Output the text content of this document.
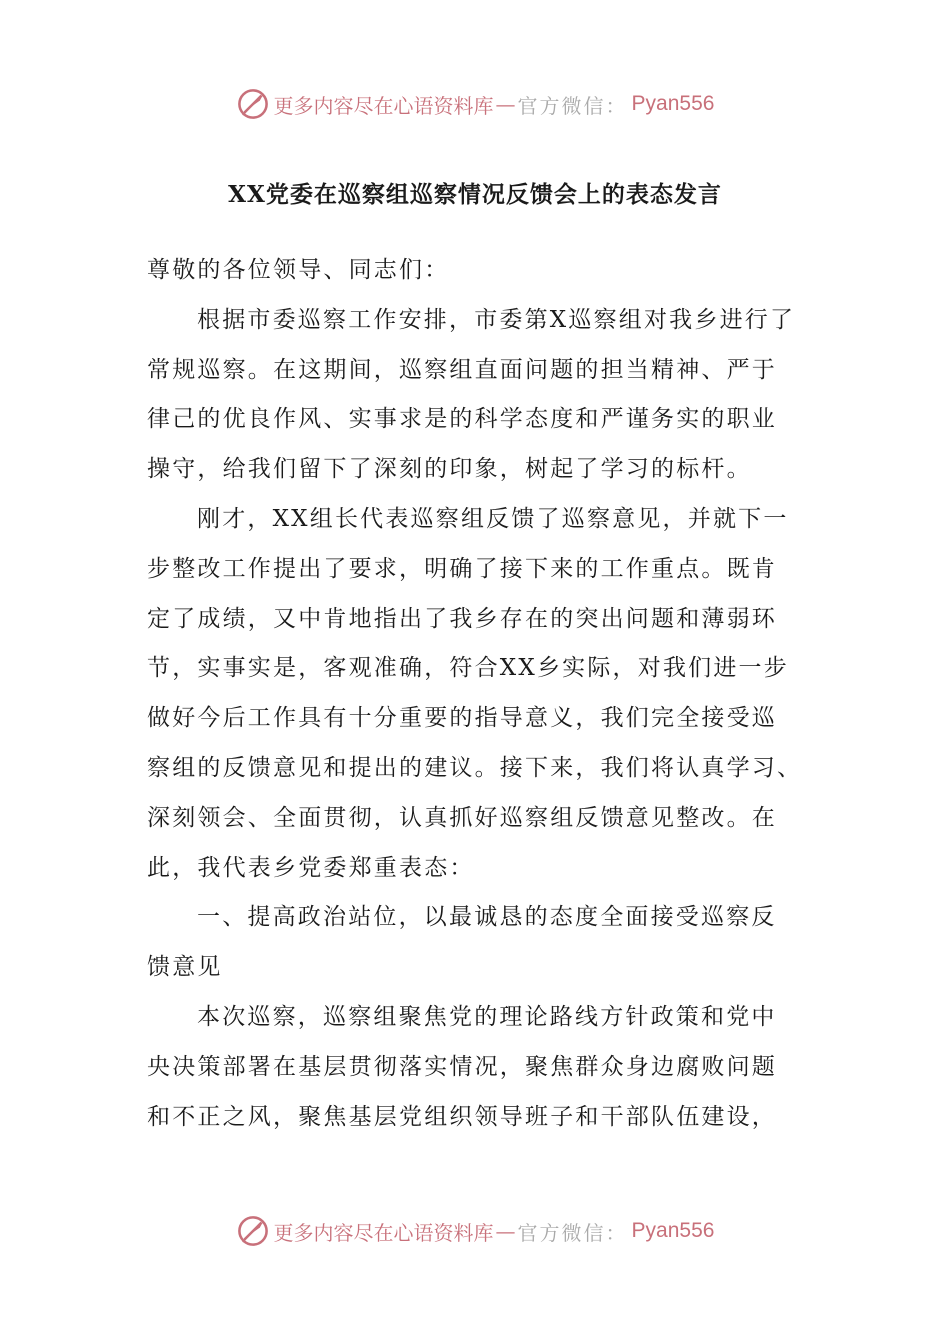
更多内容尽在心语资料库 — 官方微信： Pyan556
XX党委在巡察组巡察情况反馈会上的表态发言
尊敬的各位领导、同志们：
根据市委巡察工作安排，市委第X巡察组对我乡进行了
常规巡察。在这期间，巡察组直面问题的担当精神、严于
律己的优良作风、实事求是的科学态度和严谨务实的职业
操守，给我们留下了深刻的印象，树起了学习的标杆。
刚才，XX组长代表巡察组反馈了巡察意见，并就下一
步整改工作提出了要求，明确了接下来的工作重点。既肯
定了成绩，又中肯地指出了我乡存在的突出问题和薄弱环
节，实事实是，客观准确，符合XX乡实际，对我们进一步
做好今后工作具有十分重要的指导意义，我们完全接受巡
察组的反馈意见和提出的建议。接下来，我们将认真学习、
深刻领会、全面贯彻，认真抓好巡察组反馈意见整改。在
此，我代表乡党委郑重表态：
一、提高政治站位，以最诚恳的态度全面接受巡察反
馈意见
本次巡察，巡察组聚焦党的理论路线方针政策和党中
央决策部署在基层贯彻落实情况，聚焦群众身边腐败问题
和不正之风，聚焦基层党组织领导班子和干部队伍建设，
更多内容尽在心语资料库 — 官方微信： Pyan556
